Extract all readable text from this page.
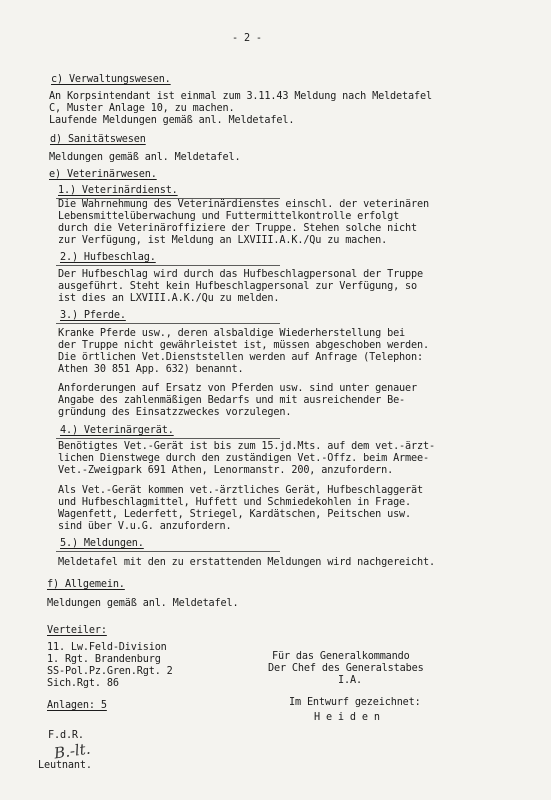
- 2 -
c) Verwaltungswesen.
An Korpsintendant ist einmal zum 3.11.43 Meldung nach Meldetafel
C, Muster Anlage 10, zu machen.
Laufende Meldungen gemäß anl. Meldetafel.
d) Sanitätswesen
Meldungen gemäß anl. Meldetafel.
e) Veterinärwesen.
1.) Veterinärdienst.
Die Wahrnehmung des Veterinärdienstes einschl. der veterinären
Lebensmittelüberwachung und Futtermittelkontrolle erfolgt
durch die Veterinäroffiziere der Truppe. Stehen solche nicht
zur Verfügung, ist Meldung an LXVIII.A.K./Qu zu machen.
2.) Hufbeschlag.
Der Hufbeschlag wird durch das Hufbeschlagpersonal der Truppe
ausgeführt. Steht kein Hufbeschlagpersonal zur Verfügung, so
ist dies an LXVIII.A.K./Qu zu melden.
3.) Pferde.
Kranke Pferde usw., deren alsbaldige Wiederherstellung bei
der Truppe nicht gewährleistet ist, müssen abgeschoben werden.
Die örtlichen Vet.Dienststellen werden auf Anfrage (Telephon:
Athen 30 851 App. 632) benannt.
Anforderungen auf Ersatz von Pferden usw. sind unter genauer
Angabe des zahlenmäßigen Bedarfs und mit ausreichender Be-
gründung des Einsatzzweckes vorzulegen.
4.) Veterinärgerät.
Benötigtes Vet.-Gerät ist bis zum 15.jd.Mts. auf dem vet.-ärzt-
lichen Dienstwege durch den zuständigen Vet.-Offz. beim Armee-
Vet.-Zweigpark 691 Athen, Lenormanstr. 200, anzufordern.
Als Vet.-Gerät kommen vet.-ärztliches Gerät, Hufbeschlaggerät
und Hufbeschlagmittel, Huffett und Schmiedekohlen in Frage.
Wagenfett, Lederfett, Striegel, Kardätschen, Peitschen usw.
sind über V.u.G. anzufordern.
5.) Meldungen.
Meldetafel mit den zu erstattenden Meldungen wird nachgereicht.
f) Allgemein.
Meldungen gemäß anl. Meldetafel.
Verteiler:
11. Lw.Feld-Division
1. Rgt. Brandenburg
SS-Pol.Pz.Gren.Rgt. 2
Sich.Rgt. 86
Für das Generalkommando
Der Chef des Generalstabes
I.A.
Im Entwurf gezeichnet:
H e i d e n
Anlagen: 5
F.d.R.
B.-lt.
Leutnant.
